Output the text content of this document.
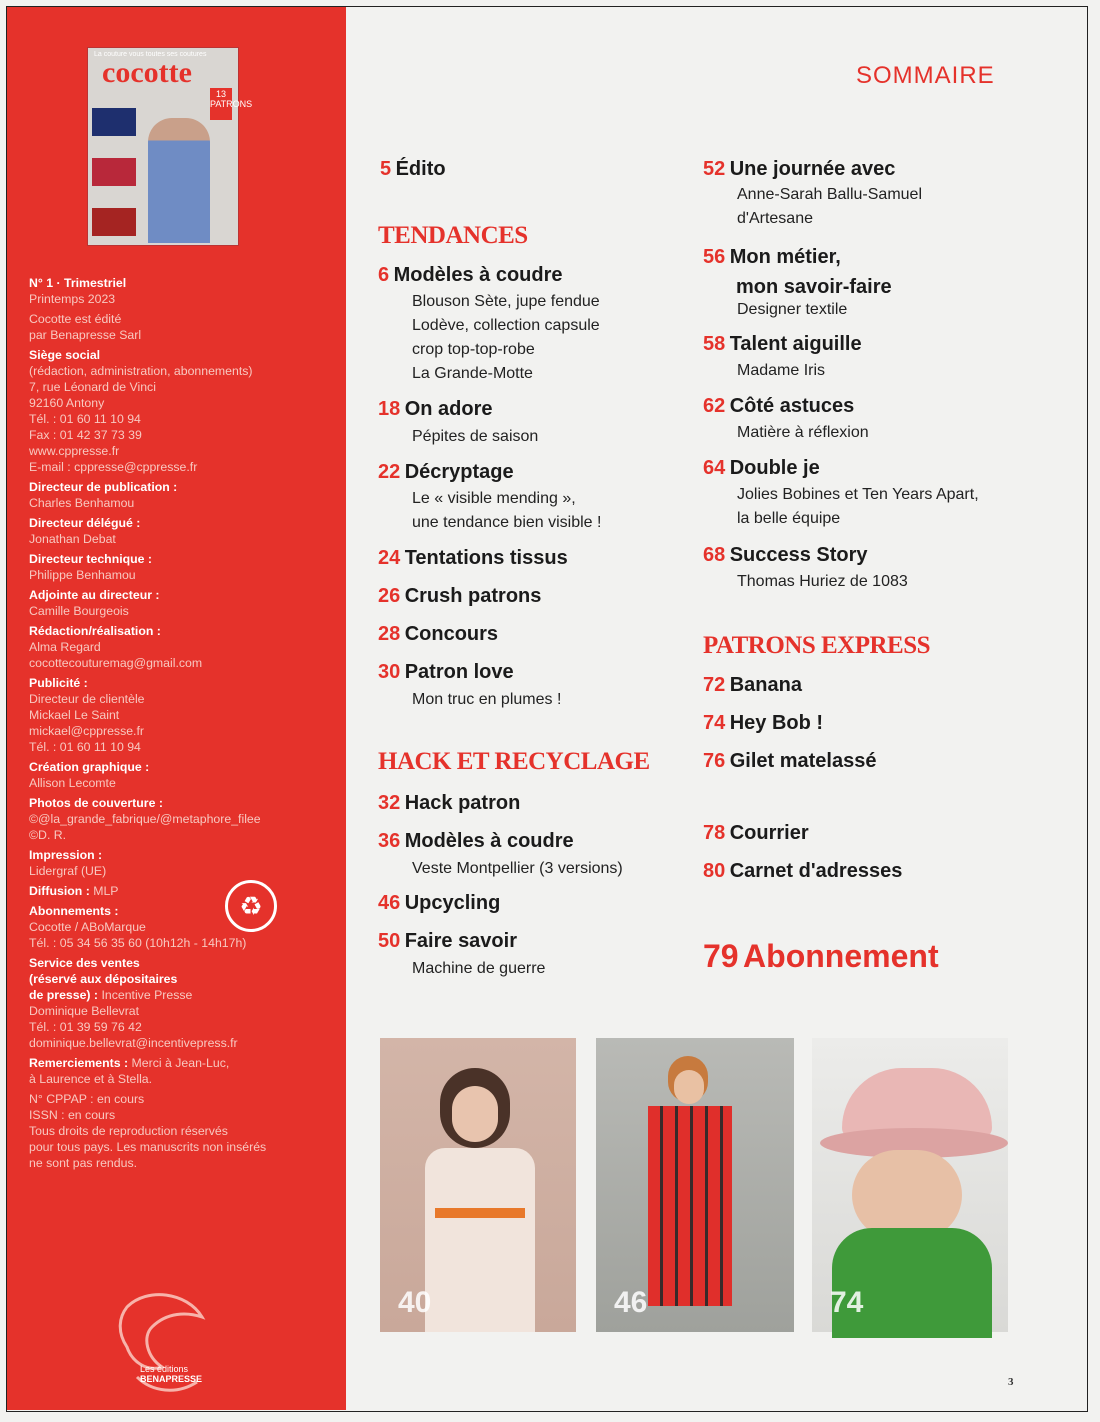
La couture vous toutes ses coutures
cocotte
13 PATRONS
N° 1 · Trimestriel
Printemps 2023
Cocotte est édité
par Benapresse Sarl
Siège social
(rédaction, administration, abonnements)
7, rue Léonard de Vinci
92160 Antony
Tél. : 01 60 11 10 94
Fax : 01 42 37 73 39
www.cppresse.fr
E-mail : cppresse@cppresse.fr
Directeur de publication :
Charles Benhamou
Directeur délégué :
Jonathan Debat
Directeur technique :
Philippe Benhamou
Adjointe au directeur :
Camille Bourgeois
Rédaction/réalisation :
Alma Regard
cocottecouturemag@gmail.com
Publicité :
Directeur de clientèle
Mickael Le Saint
mickael@cppresse.fr
Tél. : 01 60 11 10 94
Création graphique :
Allison Lecomte
Photos de couverture :
©@la_grande_fabrique/@metaphore_filee
©D. R.
Impression :
Lidergraf (UE)
Diffusion : MLP
Abonnements :
Cocotte / ABoMarque
Tél. : 05 34 56 35 60 (10h12h - 14h17h)
Service des ventes
(réservé aux dépositaires
de presse) : Incentive Presse
Dominique Bellevrat
Tél. : 01 39 59 76 42
dominique.bellevrat@incentivepress.fr
Remerciements : Merci à Jean-Luc,
à Laurence et à Stella.
N° CPPAP : en cours
ISSN : en cours
Tous droits de reproduction réservés
pour tous pays. Les manuscrits non insérés
ne sont pas rendus.
♻
Les éditions
BENAPRESSE
SOMMAIRE
5 Édito
TENDANCES
6 Modèles à coudre
Blouson Sète, jupe fendue
Lodève, collection capsule
crop top-top-robe
La Grande-Motte
18 On adore
Pépites de saison
22 Décryptage
Le « visible mending »,
une tendance bien visible !
24 Tentations tissus
26 Crush patrons
28 Concours
30 Patron love
Mon truc en plumes !
HACK ET RECYCLAGE
32 Hack patron
36 Modèles à coudre
Veste Montpellier (3 versions)
46 Upcycling
50 Faire savoir
Machine de guerre
52 Une journée avec
Anne-Sarah Ballu-Samuel
d'Artesane
56 Mon métier,
mon savoir-faire
Designer textile
58 Talent aiguille
Madame Iris
62 Côté astuces
Matière à réflexion
64 Double je
Jolies Bobines et Ten Years Apart,
la belle équipe
68 Success Story
Thomas Huriez de 1083
PATRONS EXPRESS
72 Banana
74 Hey Bob !
76 Gilet matelassé
78 Courrier
80 Carnet d'adresses
79 Abonnement
40	46	74
3
